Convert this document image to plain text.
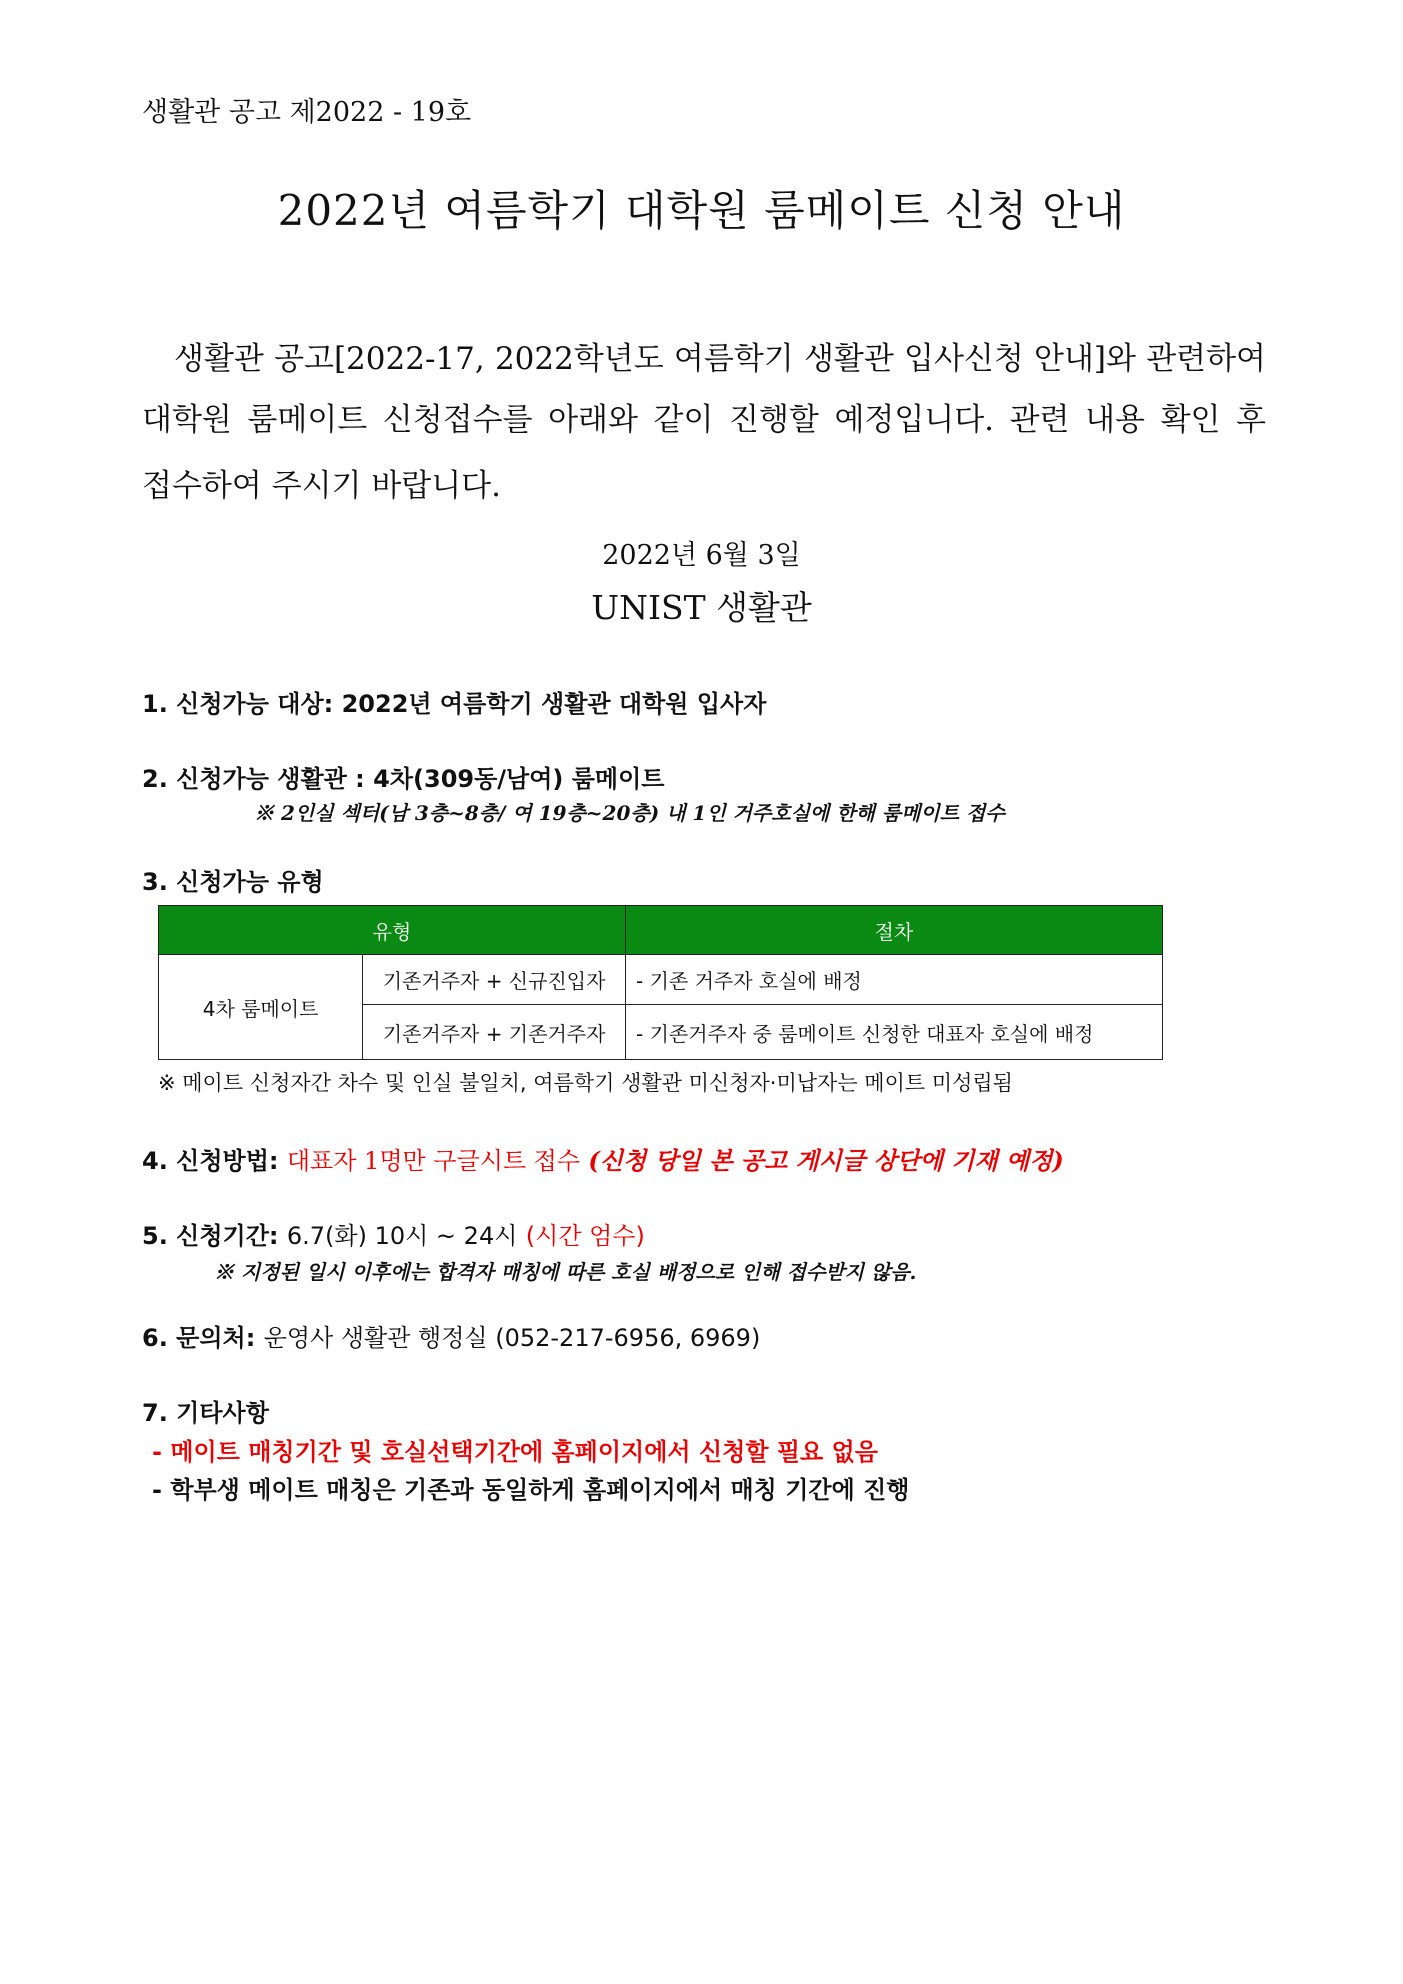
생활관 공고 제2022 - 19호
2022년 여름학기 대학원 룸메이트 신청 안내
생활관 공고[2022-17, 2022학년도 여름학기 생활관 입사신청 안내]와 관련하여
대학원 룸메이트 신청접수를 아래와 같이 진행할 예정입니다. 관련 내용 확인 후
접수하여 주시기 바랍니다.
2022년 6월 3일
UNIST 생활관
1. 신청가능 대상: 2022년 여름학기 생활관 대학원 입사자
2. 신청가능 생활관 : 4차(309동/남여) 룸메이트
※ 2인실 섹터(남 3층~8층/ 여 19층~20층) 내 1인 거주호실에 한해 룸메이트 접수
3. 신청가능 유형
유형		절차
4차 룸메이트	기존거주자 + 신규진입자	- 기존 거주자 호실에 배정
	기존거주자 + 기존거주자	- 기존거주자 중 룸메이트 신청한 대표자 호실에 배정
※ 메이트 신청자간 차수 및 인실 불일치, 여름학기 생활관 미신청자·미납자는 메이트 미성립됨
4. 신청방법: 대표자 1명만 구글시트 접수 (신청 당일 본 공고 게시글 상단에 기재 예정)
5. 신청기간: 6.7(화) 10시 ~ 24시 (시간 엄수)
※ 지정된 일시 이후에는 합격자 매칭에 따른 호실 배정으로 인해 접수받지 않음.
6. 문의처: 운영사 생활관 행정실 (052-217-6956, 6969)
7. 기타사항
- 메이트 매칭기간 및 호실선택기간에 홈페이지에서 신청할 필요 없음
- 학부생 메이트 매칭은 기존과 동일하게 홈페이지에서 매칭 기간에 진행
